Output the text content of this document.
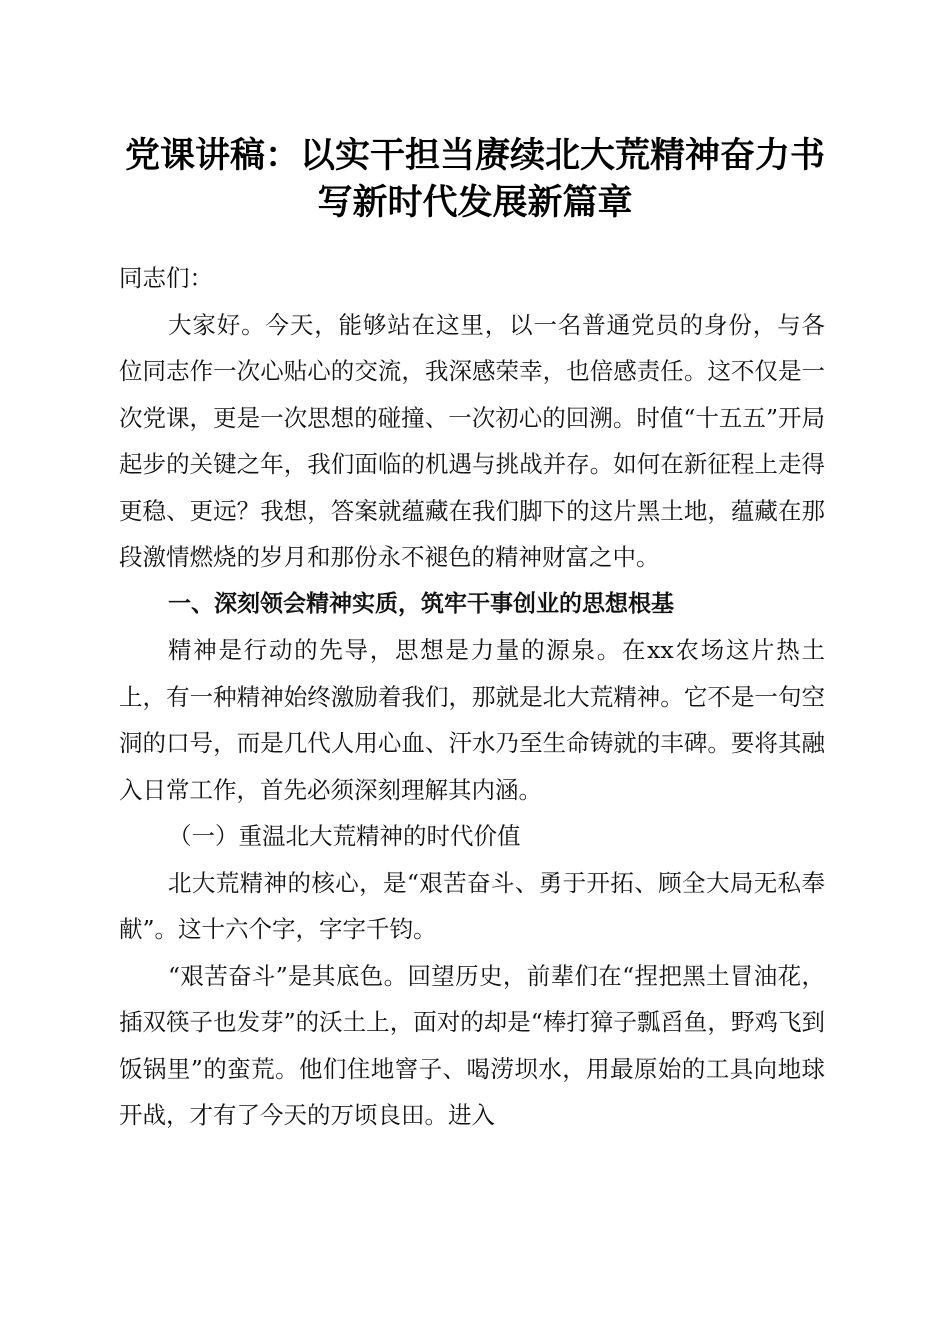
党课讲稿：以实干担当赓续北大荒精神奋力书
写新时代发展新篇章

同志们：

大家好。今天，能够站在这里，以一名普通党员的身份，与各位同志作一次心贴心的交流，我深感荣幸，也倍感责任。这不仅是一次党课，更是一次思想的碰撞、一次初心的回溯。时值“十五五”开局起步的关键之年，我们面临的机遇与挑战并存。如何在新征程上走得更稳、更远？我想，答案就蕴藏在我们脚下的这片黑土地，蕴藏在那段激情燃烧的岁月和那份永不褪色的精神财富之中。

一、深刻领会精神实质，筑牢干事创业的思想根基

精神是行动的先导，思想是力量的源泉。在xx农场这片热土上，有一种精神始终激励着我们，那就是北大荒精神。它不是一句空洞的口号，而是几代人用心血、汗水乃至生命铸就的丰碑。要将其融入日常工作，首先必须深刻理解其内涵。

（一）重温北大荒精神的时代价值

北大荒精神的核心，是“艰苦奋斗、勇于开拓、顾全大局无私奉献”。这十六个字，字字千钧。

“艰苦奋斗”是其底色。回望历史，前辈们在“捏把黑土冒油花，插双筷子也发芽”的沃土上，面对的却是“棒打獐子瓢舀鱼，野鸡飞到饭锅里”的蛮荒。他们住地窨子、喝涝坝水，用最原始的工具向地球开战，才有了今天的万顷良田。进入
